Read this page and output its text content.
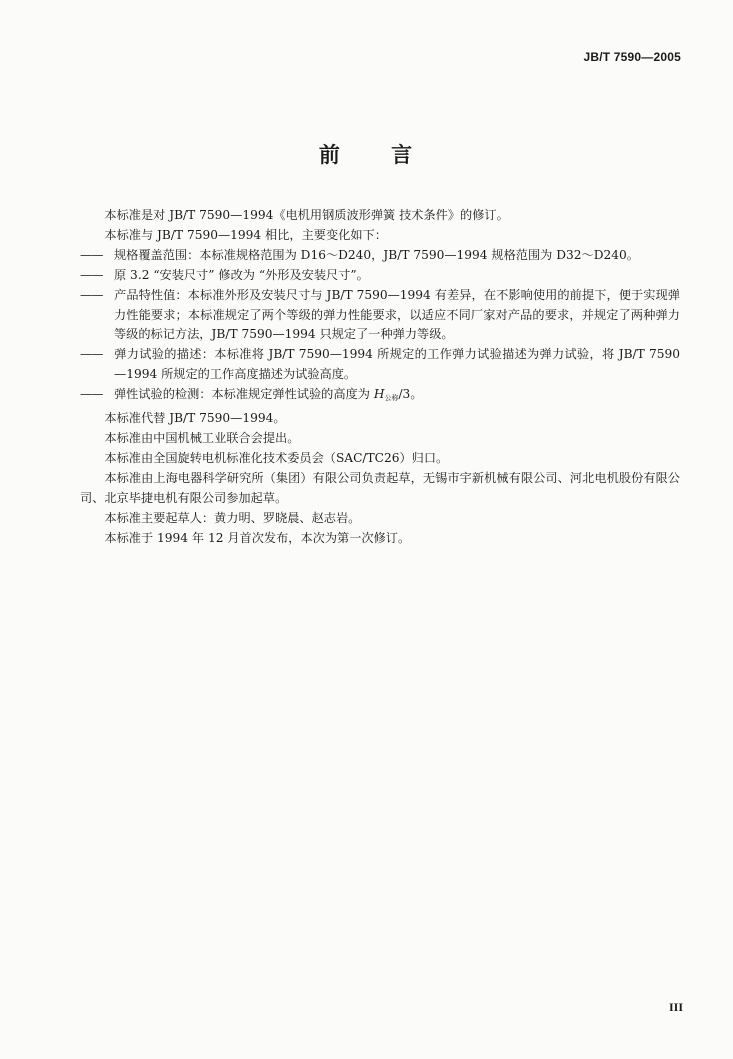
JB/T 7590—2005
前 言

本标准是对 JB/T 7590—1994《电机用钢质波形弹簧 技术条件》的修订。

本标准与 JB/T 7590—1994 相比，主要变化如下：

—— 规格覆盖范围：本标准规格范围为 D16～D240，JB/T 7590—1994 规格范围为 D32～D240。

—— 原 3.2 “安装尺寸” 修改为 “外形及安装尺寸”。

—— 产品特性值：本标准外形及安装尺寸与 JB/T 7590—1994 有差异，在不影响使用的前提下，便于实现弹力性能要求；本标准规定了两个等级的弹力性能要求，以适应不同厂家对产品的要求，并规定了两种弹力等级的标记方法，JB/T 7590—1994 只规定了一种弹力等级。

—— 弹力试验的描述：本标准将 JB/T 7590—1994 所规定的工作弹力试验描述为弹力试验，将 JB/T 7590—1994 所规定的工作高度描述为试验高度。

—— 弹性试验的检测：本标准规定弹性试验的高度为 $H_{公称}/3$。

本标准代替 JB/T 7590—1994。

本标准由中国机械工业联合会提出。

本标准由全国旋转电机标准化技术委员会（SAC/TC26）归口。

本标准由上海电器科学研究所（集团）有限公司负责起草，无锡市宇新机械有限公司、河北电机股份有限公司、北京毕捷电机有限公司参加起草。

本标准主要起草人：黄力明、罗晓晨、赵志岩。

本标准于 1994 年 12 月首次发布，本次为第一次修订。

III
